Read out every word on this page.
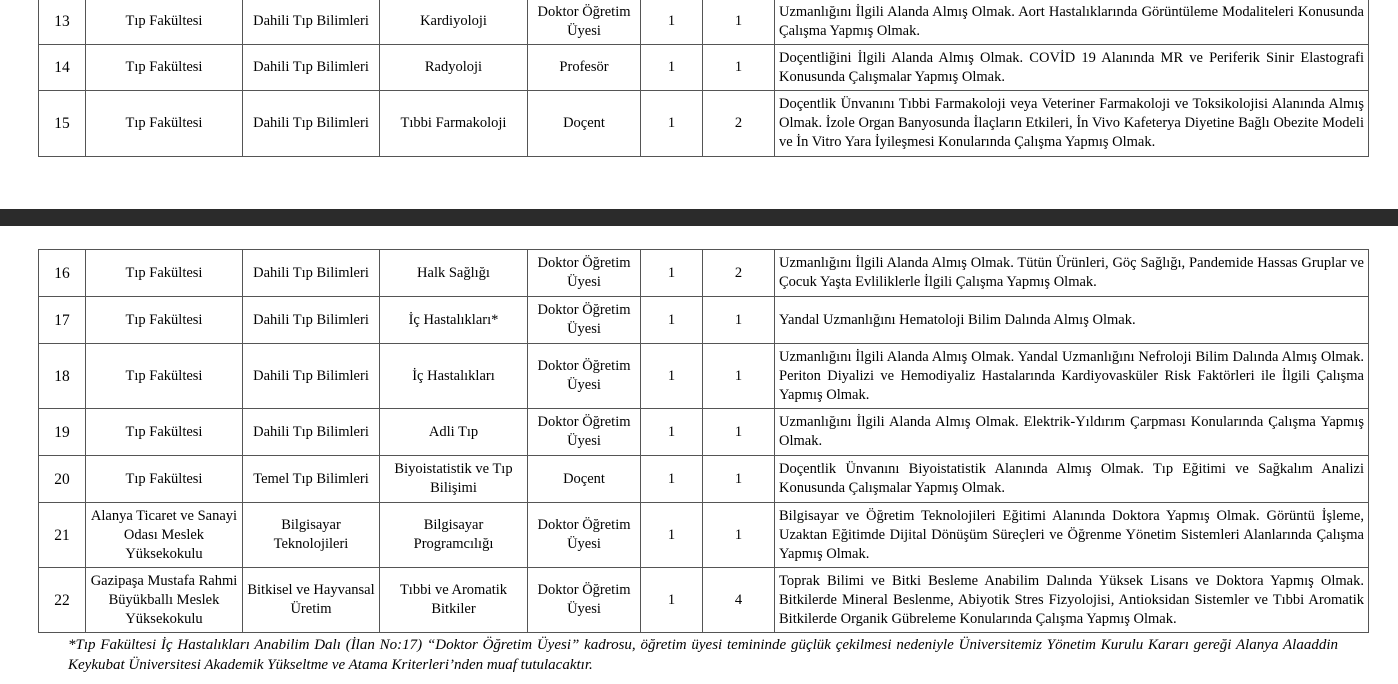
13	Tıp Fakültesi	Dahili Tıp Bilimleri	Kardiyoloji	Doktor Öğretim Üyesi	1	1	Uzmanlığını İlgili Alanda Almış Olmak. Aort Hastalıklarında Görüntüleme Modaliteleri Konusunda Çalışma Yapmış Olmak.
14	Tıp Fakültesi	Dahili Tıp Bilimleri	Radyoloji	Profesör	1	1	Doçentliğini İlgili Alanda Almış Olmak. COVİD 19 Alanında MR ve Periferik Sinir Elastografi Konusunda Çalışmalar Yapmış Olmak.
15	Tıp Fakültesi	Dahili Tıp Bilimleri	Tıbbi Farmakoloji	Doçent	1	2	Doçentlik Ünvanını Tıbbi Farmakoloji veya Veteriner Farmakoloji ve Toksikolojisi Alanında Almış Olmak. İzole Organ Banyosunda İlaçların Etkileri, İn Vivo Kafeterya Diyetine Bağlı Obezite Modeli ve İn Vitro Yara İyileşmesi Konularında Çalışma Yapmış Olmak.
16	Tıp Fakültesi	Dahili Tıp Bilimleri	Halk Sağlığı	Doktor Öğretim Üyesi	1	2	Uzmanlığını İlgili Alanda Almış Olmak. Tütün Ürünleri, Göç Sağlığı, Pandemide Hassas Gruplar ve Çocuk Yaşta Evliliklerle İlgili Çalışma Yapmış Olmak.
17	Tıp Fakültesi	Dahili Tıp Bilimleri	İç Hastalıkları*	Doktor Öğretim Üyesi	1	1	Yandal Uzmanlığını Hematoloji Bilim Dalında Almış Olmak.
18	Tıp Fakültesi	Dahili Tıp Bilimleri	İç Hastalıkları	Doktor Öğretim Üyesi	1	1	Uzmanlığını İlgili Alanda Almış Olmak. Yandal Uzmanlığını Nefroloji Bilim Dalında Almış Olmak. Periton Diyalizi ve Hemodiyaliz Hastalarında Kardiyovasküler Risk Faktörleri ile İlgili Çalışma Yapmış Olmak.
19	Tıp Fakültesi	Dahili Tıp Bilimleri	Adli Tıp	Doktor Öğretim Üyesi	1	1	Uzmanlığını İlgili Alanda Almış Olmak. Elektrik-Yıldırım Çarpması Konularında Çalışma Yapmış Olmak.
20	Tıp Fakültesi	Temel Tıp Bilimleri	Biyoistatistik ve Tıp Bilişimi	Doçent	1	1	Doçentlik Ünvanını Biyoistatistik Alanında Almış Olmak. Tıp Eğitimi ve Sağkalım Analizi Konusunda Çalışmalar Yapmış Olmak.
21	Alanya Ticaret ve Sanayi Odası Meslek Yüksekokulu	Bilgisayar Teknolojileri	Bilgisayar Programcılığı	Doktor Öğretim Üyesi	1	1	Bilgisayar ve Öğretim Teknolojileri Eğitimi Alanında Doktora Yapmış Olmak. Görüntü İşleme, Uzaktan Eğitimde Dijital Dönüşüm Süreçleri ve Öğrenme Yönetim Sistemleri Alanlarında Çalışma Yapmış Olmak.
22	Gazipaşa Mustafa Rahmi Büyükballı Meslek Yüksekokulu	Bitkisel ve Hayvansal Üretim	Tıbbi ve Aromatik Bitkiler	Doktor Öğretim Üyesi	1	4	Toprak Bilimi ve Bitki Besleme Anabilim Dalında Yüksek Lisans ve Doktora Yapmış Olmak. Bitkilerde Mineral Beslenme, Abiyotik Stres Fizyolojisi, Antioksidan Sistemler ve Tıbbi Aromatik Bitkilerde Organik Gübreleme Konularında Çalışma Yapmış Olmak.
*Tıp Fakültesi İç Hastalıkları Anabilim Dalı (İlan No:17) “Doktor Öğretim Üyesi” kadrosu, öğretim üyesi temininde güçlük çekilmesi nedeniyle Üniversitemiz Yönetim Kurulu Kararı gereği Alanya Alaaddin Keykubat Üniversitesi Akademik Yükseltme ve Atama Kriterleri’nden muaf tutulacaktır.
